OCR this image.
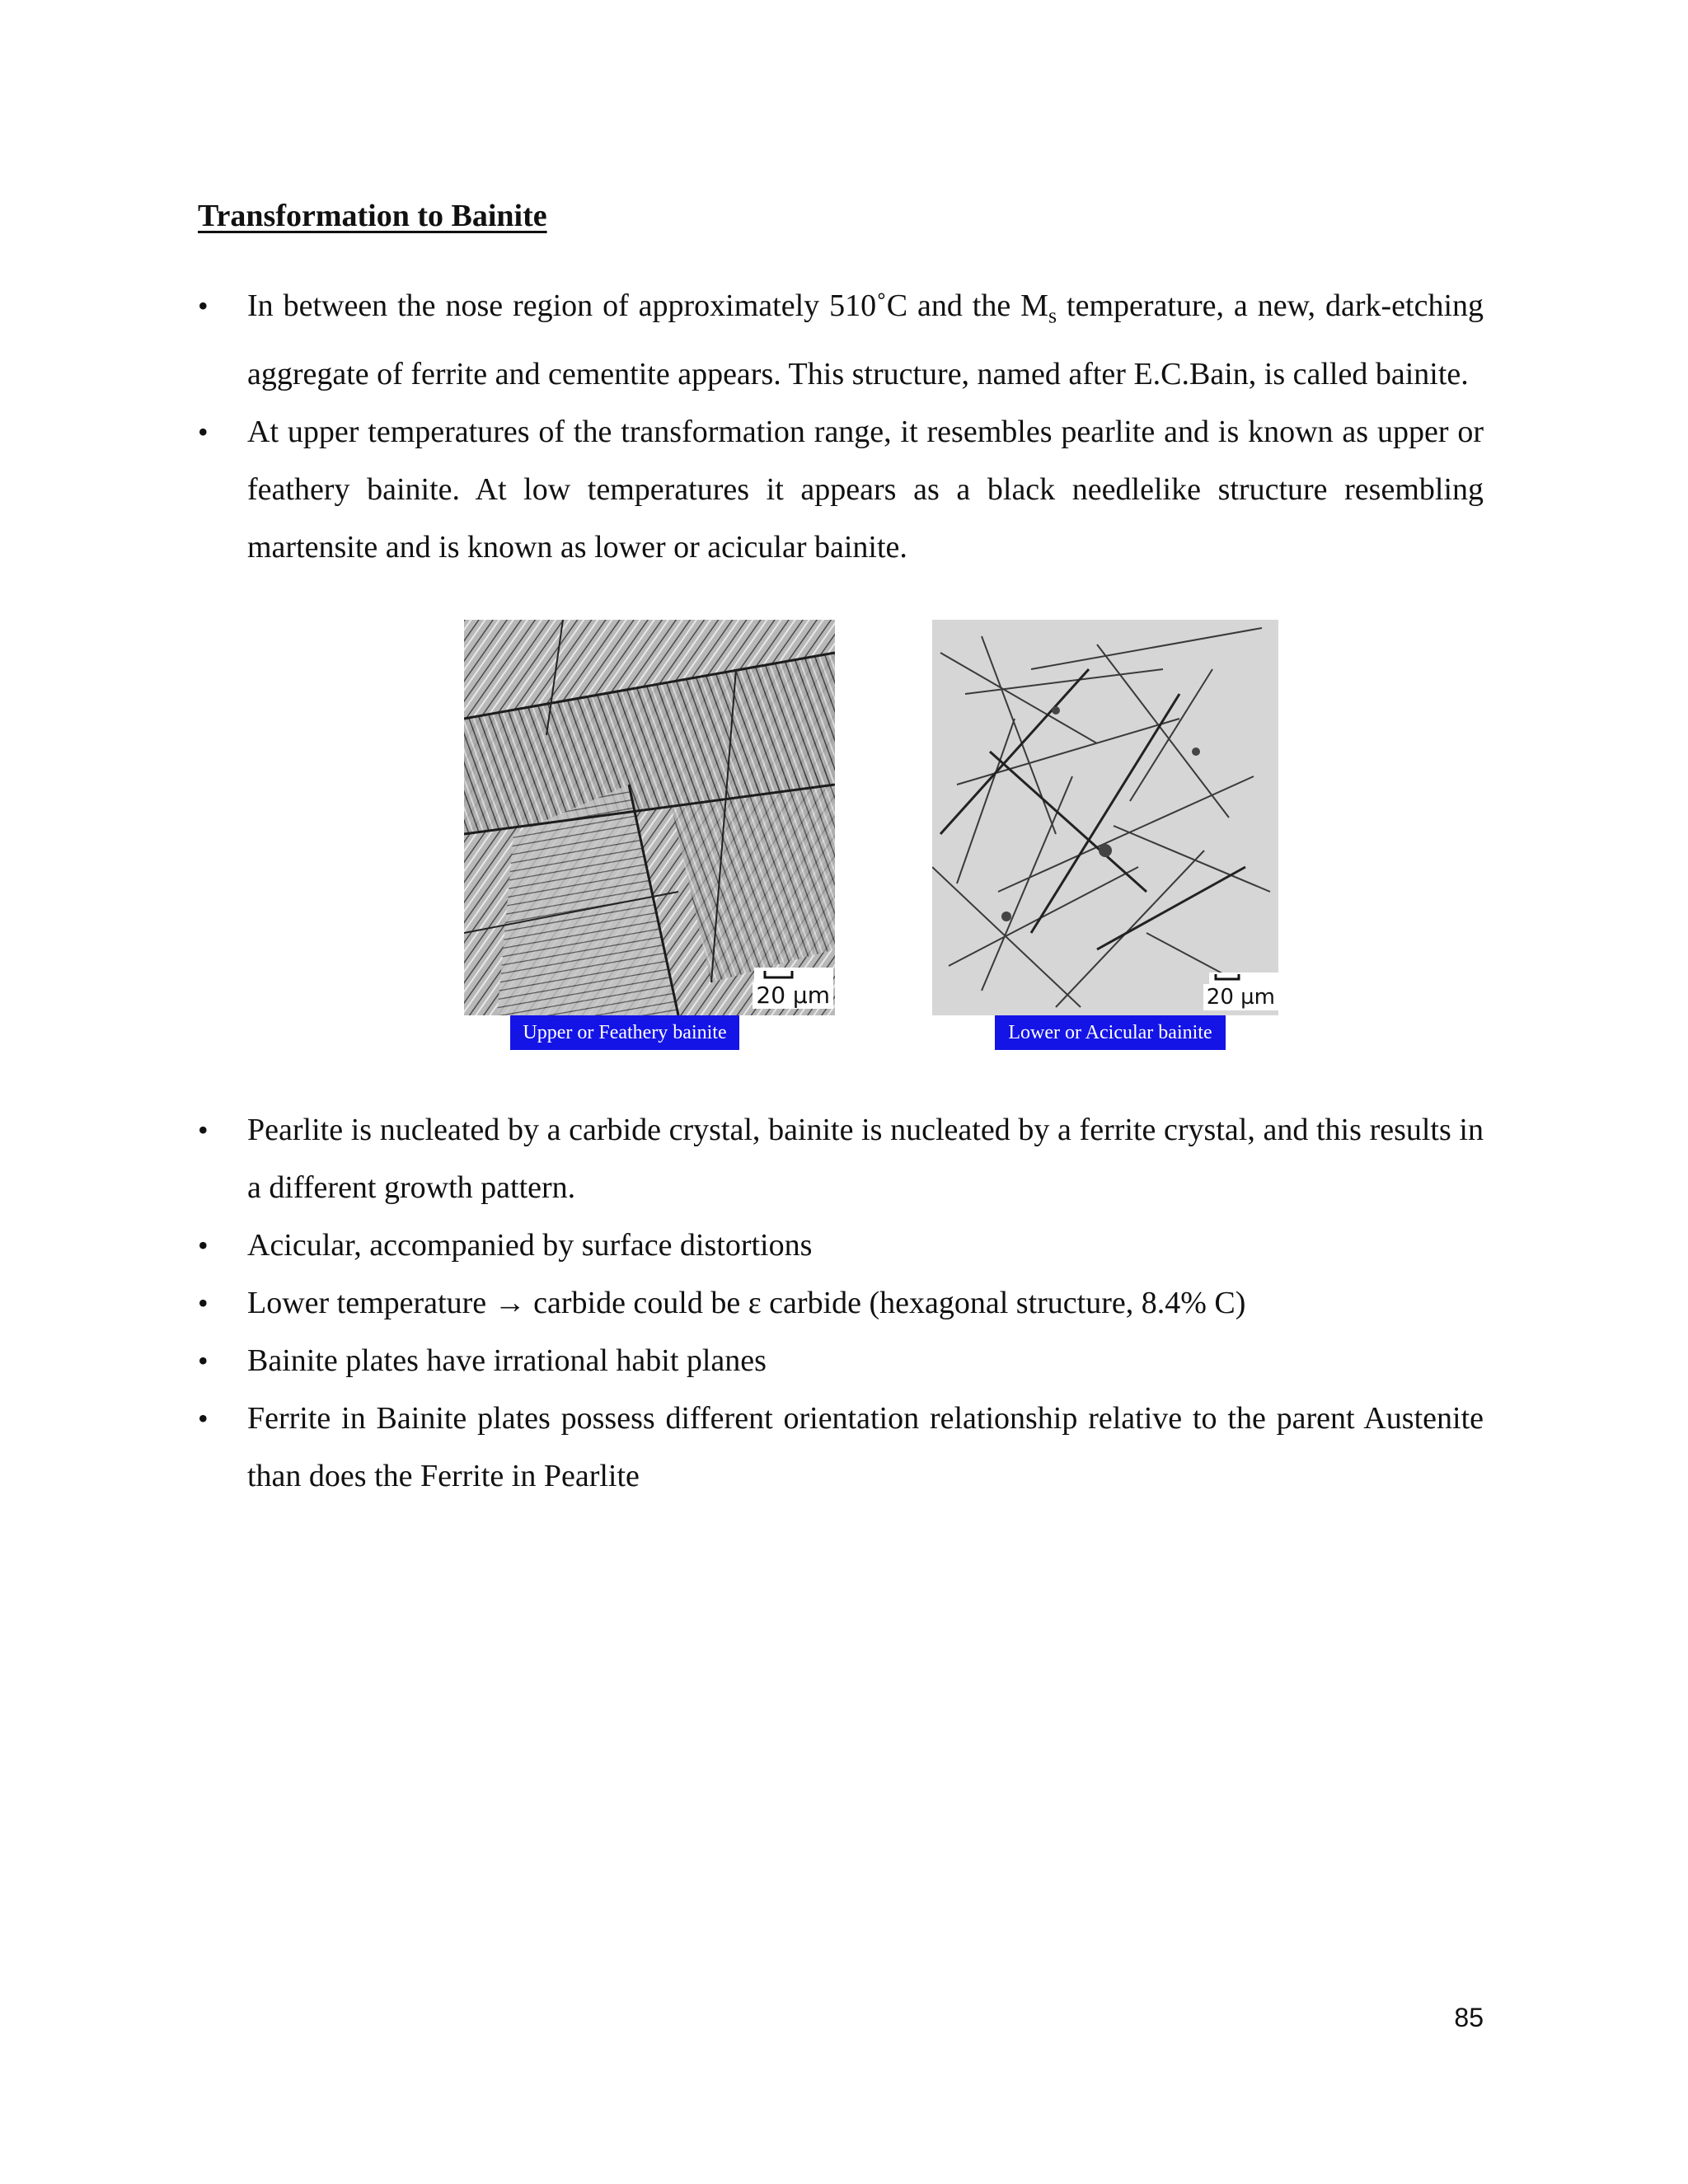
Transformation to Bainite
• In between the nose region of approximately 510˚C and the $M_s$ temperature, a new, dark-etching aggregate of ferrite and cementite appears. This structure, named after E.C.Bain, is called bainite.
• At upper temperatures of the transformation range, it resembles pearlite and is known as upper or feathery bainite. At low temperatures it appears as a black needlelike structure resembling martensite and is known as lower or acicular bainite.
20 µm
Upper or Feathery bainite
20 µm
Lower or Acicular bainite
• Pearlite is nucleated by a carbide crystal, bainite is nucleated by a ferrite crystal, and this results in a different growth pattern.
• Acicular, accompanied by surface distortions
• Lower temperature → carbide could be ε carbide (hexagonal structure, 8.4% C)
• Bainite plates have irrational habit planes
• Ferrite in Bainite plates possess different orientation relationship relative to the parent Austenite than does the Ferrite in Pearlite
85
